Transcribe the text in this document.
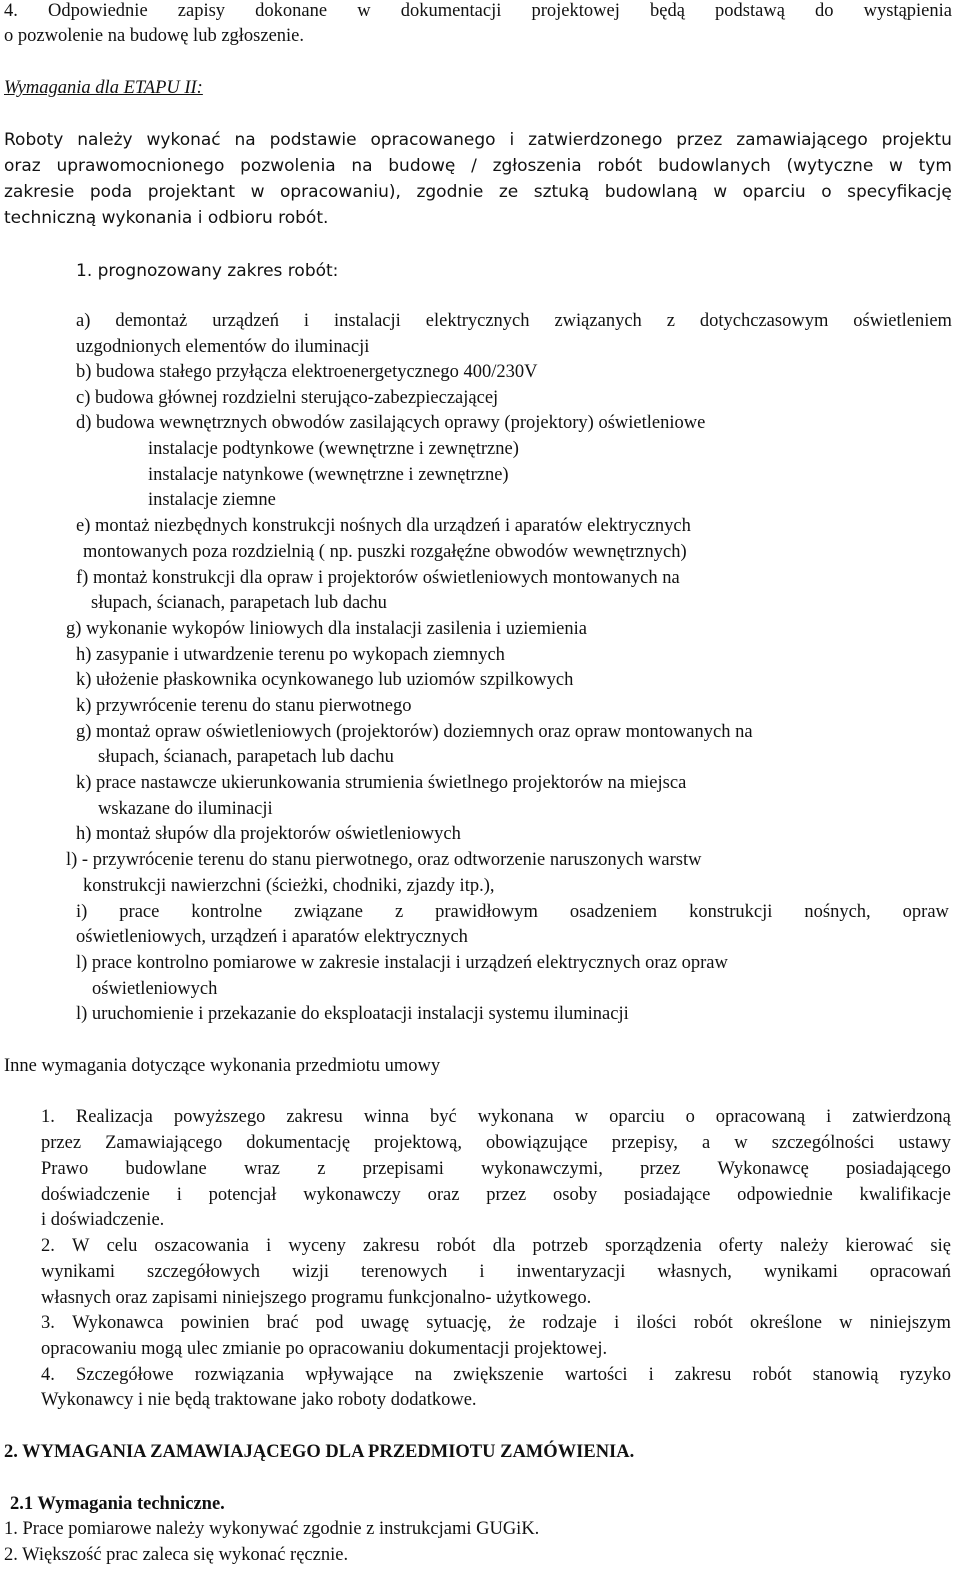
4. Odpowiednie zapisy dokonane w dokumentacji projektowej będą podstawą do wystąpienia
o pozwolenie na budowę lub zgłoszenie.
Wymagania dla ETAPU II:
Roboty należy wykonać na podstawie opracowanego i zatwierdzonego przez zamawiającego projektu
oraz uprawomocnionego pozwolenia na budowę / zgłoszenia robót budowlanych (wytyczne w tym
zakresie poda projektant w opracowaniu), zgodnie ze sztuką budowlaną w oparciu o specyfikację
techniczną wykonania i odbioru robót.
1. prognozowany zakres robót:
a) demontaż urządzeń i instalacji elektrycznych związanych z dotychczasowym oświetleniem
uzgodnionych elementów do iluminacji
b) budowa stałego przyłącza elektroenergetycznego 400/230V
c) budowa głównej rozdzielni sterująco-zabezpieczającej
d) budowa wewnętrznych obwodów zasilających oprawy (projektory) oświetleniowe
instalacje podtynkowe (wewnętrzne i zewnętrzne)
instalacje natynkowe (wewnętrzne i zewnętrzne)
instalacje ziemne
e) montaż niezbędnych konstrukcji nośnych dla urządzeń i aparatów elektrycznych
montowanych poza rozdzielnią ( np. puszki rozgałęźne obwodów wewnętrznych)
f) montaż konstrukcji dla opraw i projektorów oświetleniowych montowanych na
słupach, ścianach, parapetach lub dachu
g) wykonanie wykopów liniowych dla instalacji zasilenia i uziemienia
h) zasypanie i utwardzenie terenu po wykopach ziemnych
k) ułożenie płaskownika ocynkowanego lub uziomów szpilkowych
k) przywrócenie terenu do stanu pierwotnego
g) montaż opraw oświetleniowych (projektorów) doziemnych oraz opraw montowanych na
słupach, ścianach, parapetach lub dachu
k) prace nastawcze ukierunkowania strumienia świetlnego projektorów na miejsca
wskazane do iluminacji
h) montaż słupów dla projektorów oświetleniowych
l) - przywrócenie terenu do stanu pierwotnego, oraz odtworzenie naruszonych warstw
konstrukcji nawierzchni (ścieżki, chodniki, zjazdy itp.),
i) prace kontrolne związane z prawidłowym osadzeniem konstrukcji nośnych, opraw
oświetleniowych, urządzeń i aparatów elektrycznych
l) prace kontrolno pomiarowe w zakresie instalacji i urządzeń elektrycznych oraz opraw
oświetleniowych
l) uruchomienie i przekazanie do eksploatacji instalacji systemu iluminacji
Inne wymagania dotyczące wykonania przedmiotu umowy
1. Realizacja powyższego zakresu winna być wykonana w oparciu o opracowaną i zatwierdzoną
przez Zamawiającego dokumentację projektową, obowiązujące przepisy, a w szczególności ustawy
Prawo budowlane wraz z przepisami wykonawczymi, przez Wykonawcę posiadającego
doświadczenie i potencjał wykonawczy oraz przez osoby posiadające odpowiednie kwalifikacje
i doświadczenie.
2. W celu oszacowania i wyceny zakresu robót dla potrzeb sporządzenia oferty należy kierować się
wynikami szczegółowych wizji terenowych i inwentaryzacji własnych, wynikami opracowań
własnych oraz zapisami niniejszego programu funkcjonalno- użytkowego.
3. Wykonawca powinien brać pod uwagę sytuację, że rodzaje i ilości robót określone w niniejszym
opracowaniu mogą ulec zmianie po opracowaniu dokumentacji projektowej.
4. Szczegółowe rozwiązania wpływające na zwiększenie wartości i zakresu robót stanowią ryzyko
Wykonawcy i nie będą traktowane jako roboty dodatkowe.
2. WYMAGANIA ZAMAWIAJĄCEGO DLA PRZEDMIOTU ZAMÓWIENIA.
2.1 Wymagania techniczne.
1. Prace pomiarowe należy wykonywać zgodnie z instrukcjami GUGiK.
2. Większość prac zaleca się wykonać ręcznie.
